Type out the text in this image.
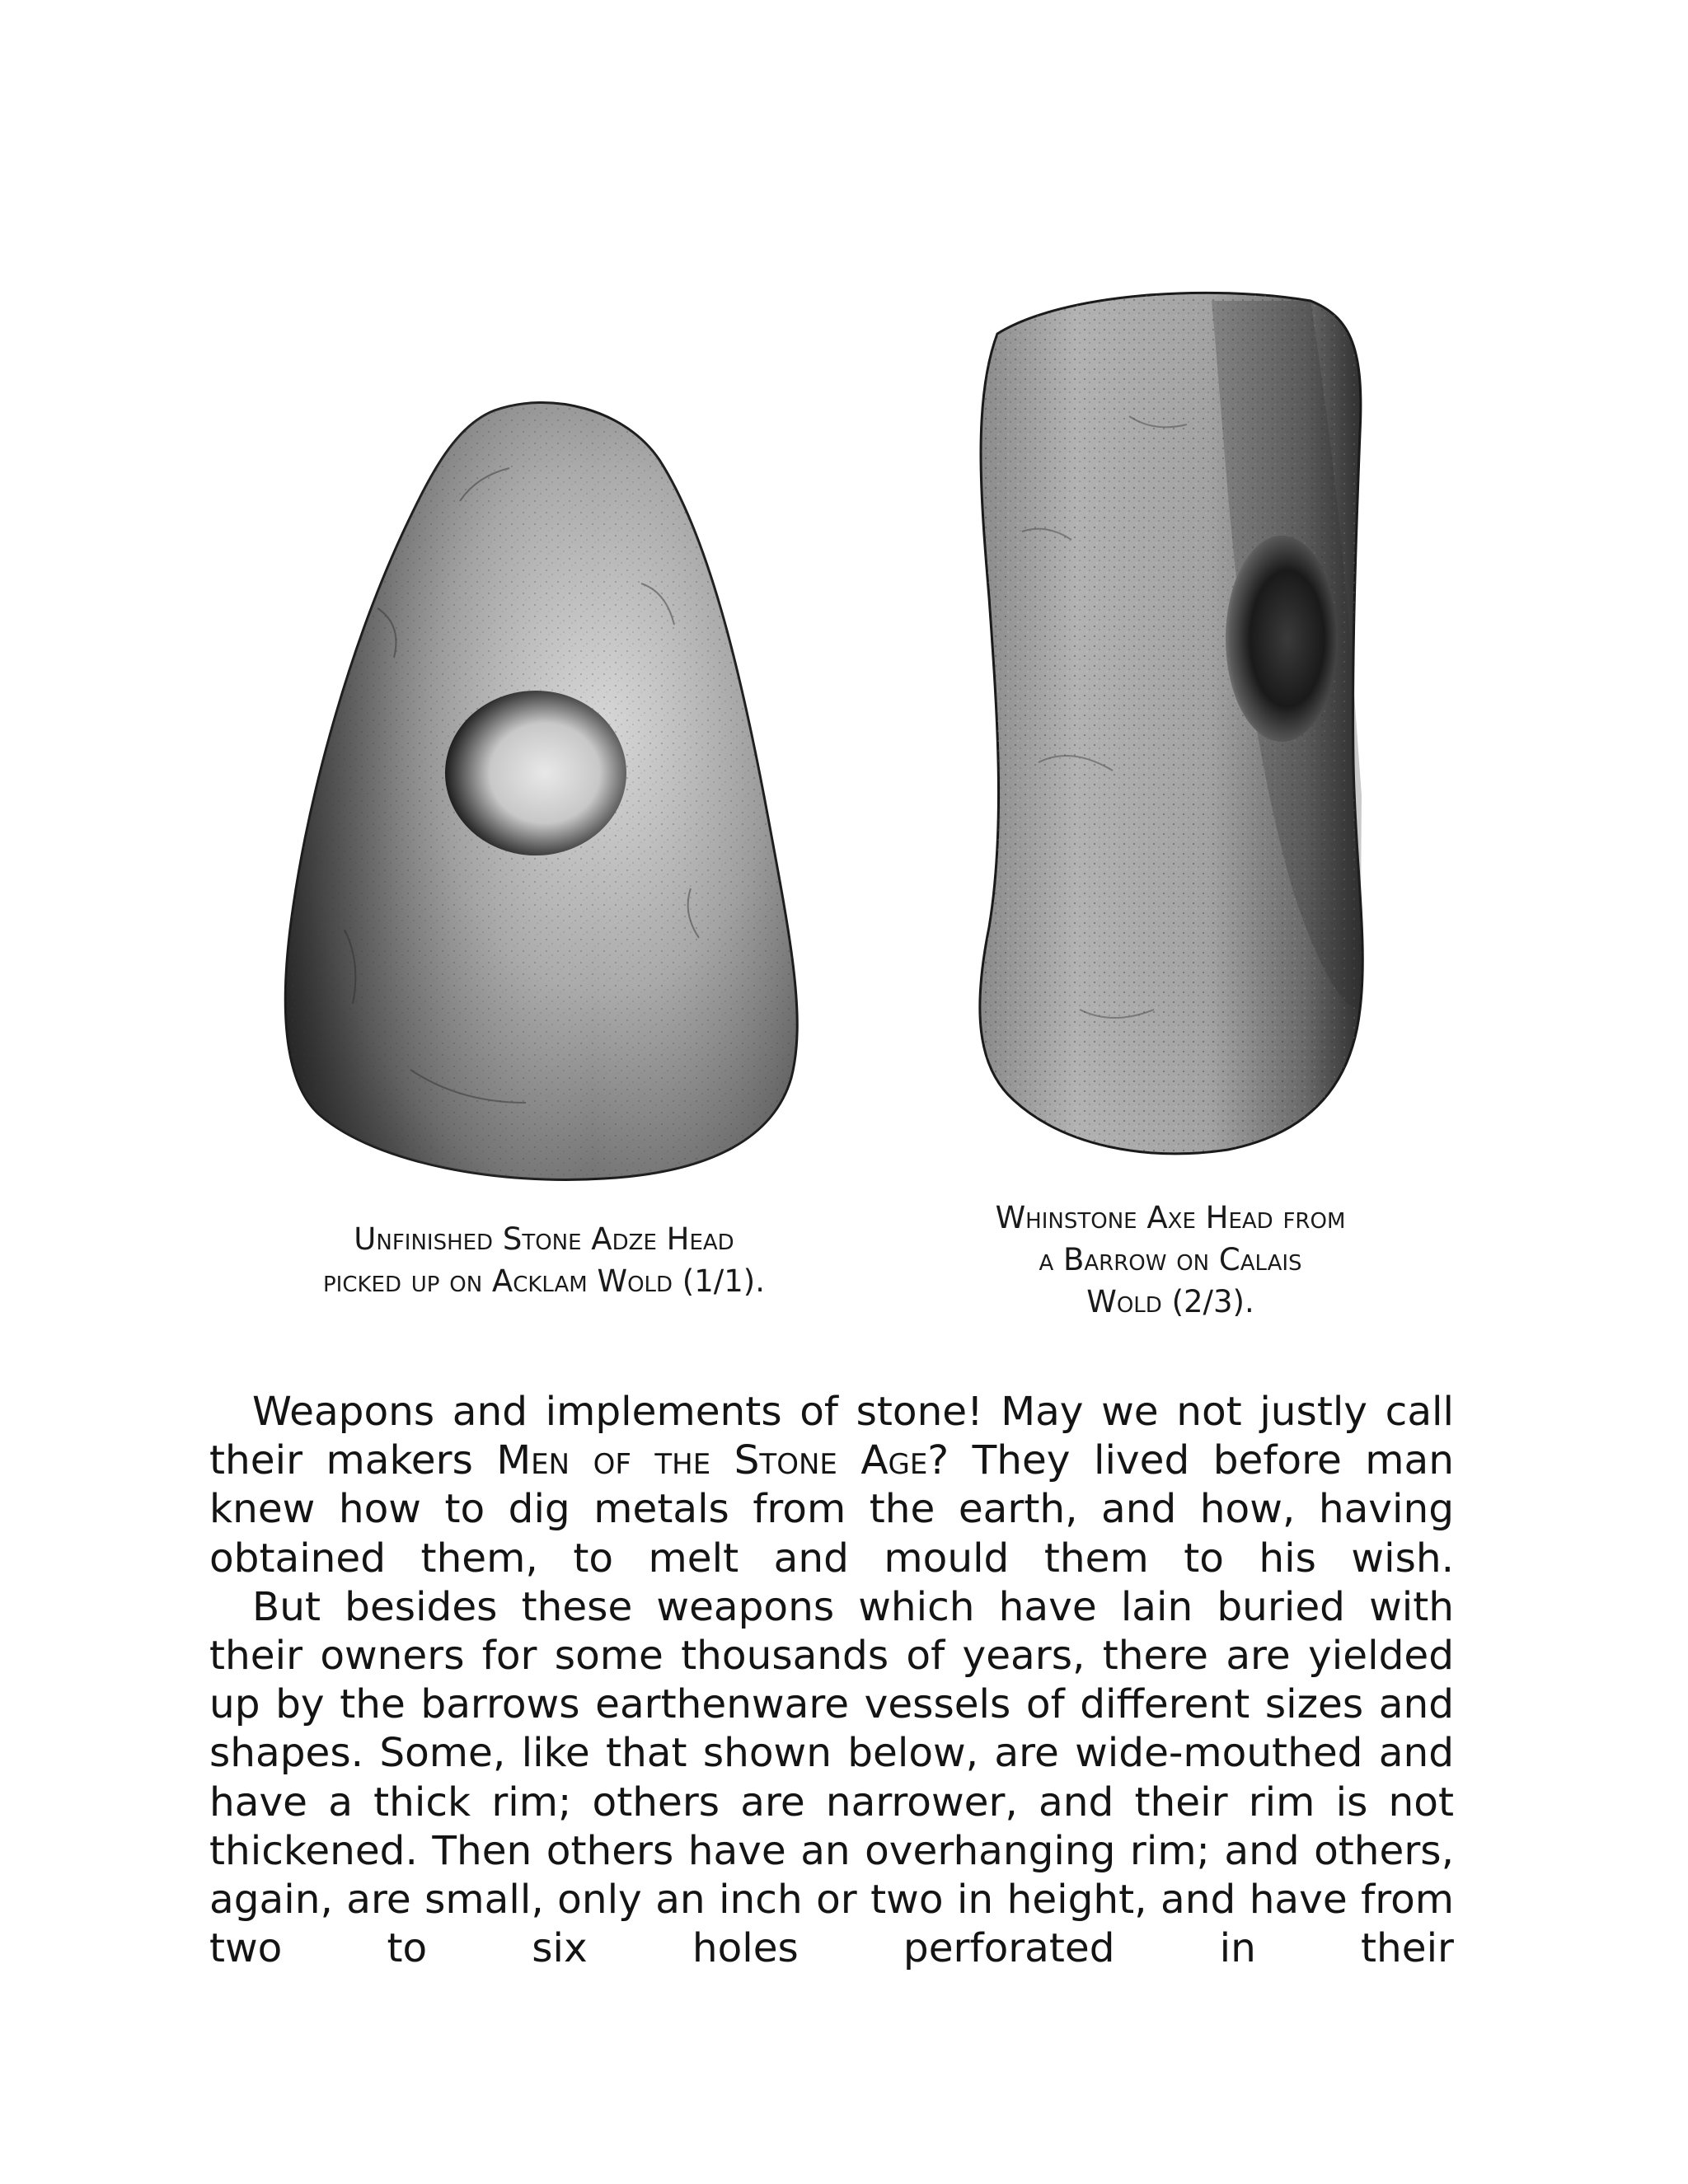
Unfinished Stone Adze Head
picked up on Acklam Wold (1/1).
Whinstone Axe Head from
a Barrow on Calais
Wold (2/3).

Weapons and implements of stone! May we not justly call their makers Men of the Stone Age? They lived before man knew how to dig metals from the earth, and how, having obtained them, to melt and mould them to his wish.

But besides these weapons which have lain buried with their owners for some thousands of years, there are yielded up by the barrows earthenware vessels of different sizes and shapes. Some, like that shown below, are wide-mouthed and have a thick rim; others are narrower, and their rim is not thickened. Then others have an overhanging rim; and others, again, are small, only an inch or two in height, and have from two to six holes perforated in their
